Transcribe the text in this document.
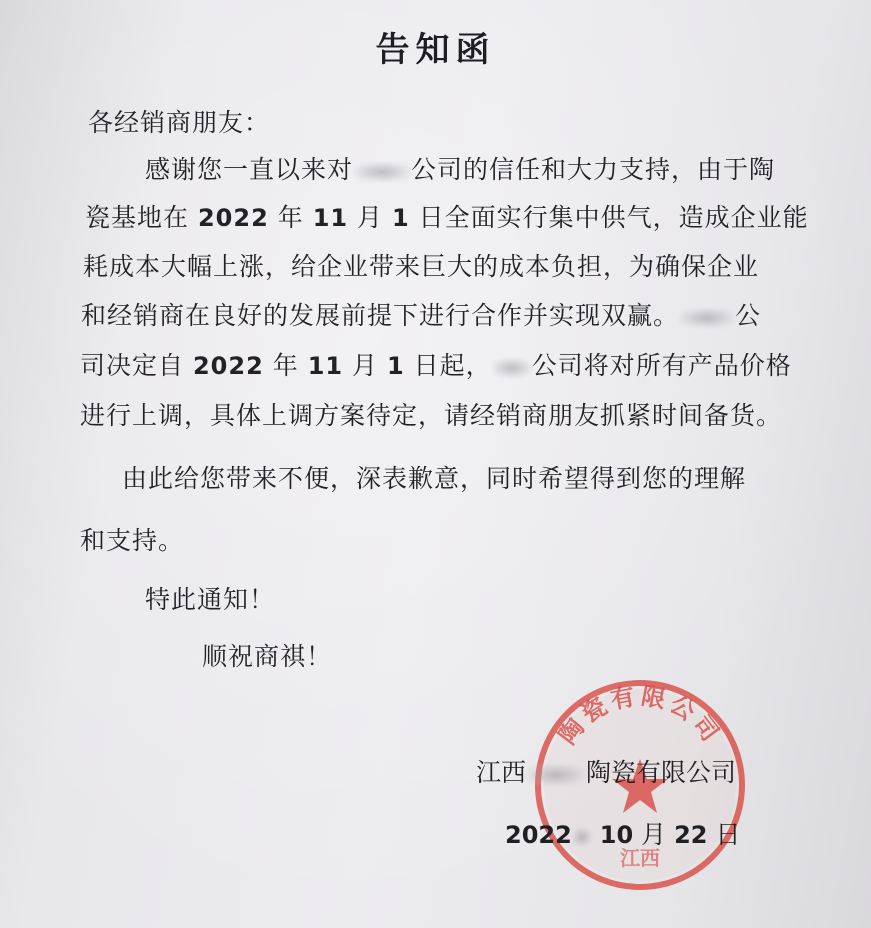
告知函
各经销商朋友：
感谢您一直以来对 公司的信任和大力支持，由于陶
瓷基地在 2022 年 11 月 1 日全面实行集中供气，造成企业能
耗成本大幅上涨，给企业带来巨大的成本负担，为确保企业
和经销商在良好的发展前提下进行合作并实现双赢。 公
司决定自 2022 年 11 月 1 日起， 公司将对所有产品价格
进行上调，具体上调方案待定，请经销商朋友抓紧时间备货。
由此给您带来不便，深表歉意，同时希望得到您的理解
和支持。
特此通知！
顺祝商祺！
陶瓷有限公司
江西
江西 陶瓷有限公司
2022 10 月 22 日
